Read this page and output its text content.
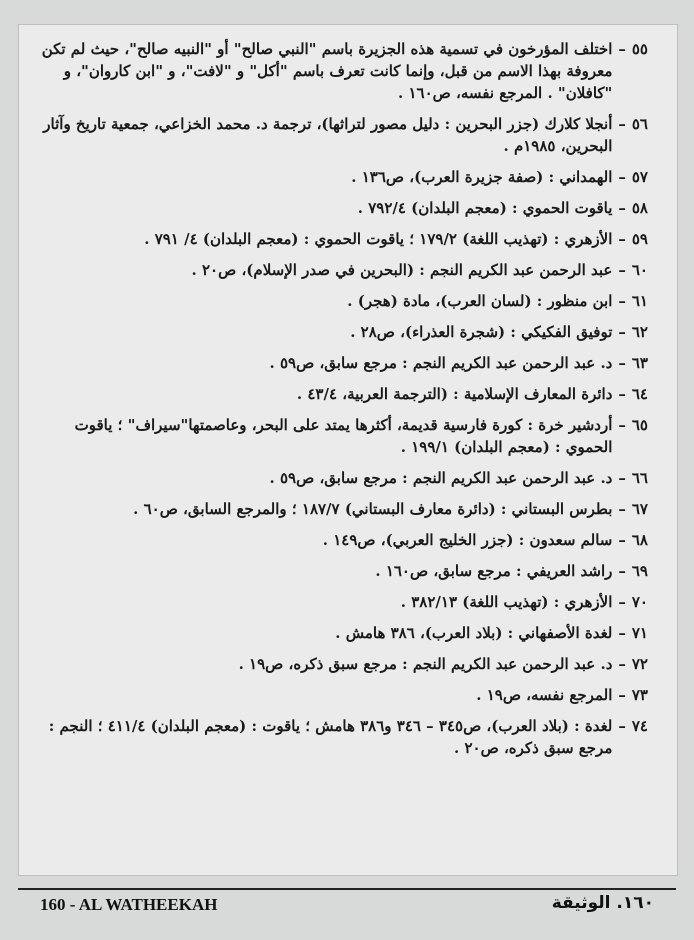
٥٥
–
اختلف المؤرخون في تسمية هذه الجزيرة باسم "النبي صالح" أو "النبيه صالح"، حيث لم تكن معروفة بهذا الاسم من قبل، وإنما كانت تعرف باسم "أكل" و "لافت"، و "ابن كاروان"، و "كافلان" . المرجع نفسه، ص١٦٠ .
٥٦
–
أنجلا كلارك (جزر البحرين : دليل مصور لتراثها)، ترجمة د. محمد الخزاعي، جمعية تاريخ وآثار البحرين، ١٩٨٥م .
٥٧
–
الهمداني : (صفة جزيرة العرب)، ص١٣٦ .
٥٨
–
ياقوت الحموي : (معجم البلدان) ٧٩٢/٤ .
٥٩
–
الأزهري : (تهذيب اللغة) ١٧٩/٢ ؛ ياقوت الحموي : (معجم البلدان) ٤/ ٧٩١ .
٦٠
–
عبد الرحمن عبد الكريم النجم : (البحرين في صدر الإسلام)، ص٢٠ .
٦١
–
ابن منظور : (لسان العرب)، مادة (هجر) .
٦٢
–
توفيق الفكيكي : (شجرة العذراء)، ص٢٨ .
٦٣
–
د. عبد الرحمن عبد الكريم النجم : مرجع سابق، ص٥٩ .
٦٤
–
دائرة المعارف الإسلامية : (الترجمة العربية، ٤٣/٤ .
٦٥
–
أردشير خرة : كورة فارسية قديمة، أكثرها يمتد على البحر، وعاصمتها"سيراف" ؛ ياقوت الحموي : (معجم البلدان) ١٩٩/١ .
٦٦
–
د. عبد الرحمن عبد الكريم النجم : مرجع سابق، ص٥٩ .
٦٧
–
بطرس البستاني : (دائرة معارف البستاني) ١٨٧/٧ ؛ والمرجع السابق، ص٦٠ .
٦٨
–
سالم سعدون : (جزر الخليج العربي)، ص١٤٩ .
٦٩
–
راشد العريفي : مرجع سابق، ص١٦٠ .
٧٠
–
الأزهري : (تهذيب اللغة) ٣٨٢/١٣ .
٧١
–
لغدة الأصفهاني : (بلاد العرب)، ٣٨٦ هامش .
٧٢
–
د. عبد الرحمن عبد الكريم النجم : مرجع سبق ذكره، ص١٩ .
٧٣
–
المرجع نفسه، ص١٩ .
٧٤
–
لغدة : (بلاد العرب)، ص٣٤٥ – ٣٤٦ و٣٨٦ هامش ؛ ياقوت : (معجم البلدان) ٤١١/٤ ؛ النجم : مرجع سبق ذكره، ص٢٠ .
160 - AL WATHEEKAH	١٦٠. الوثيقة
